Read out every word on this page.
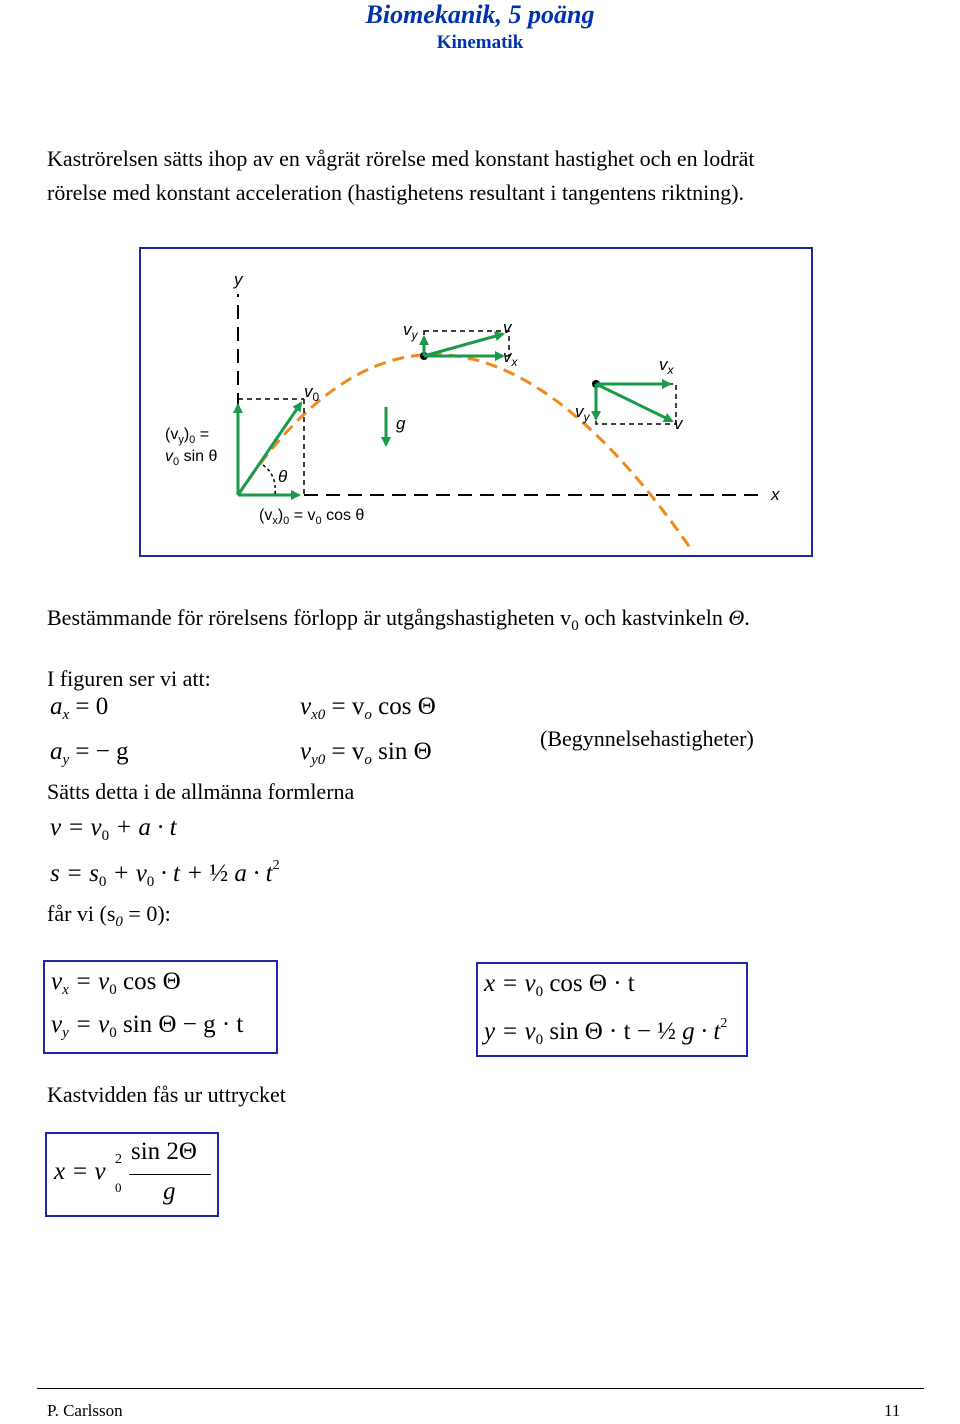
Biomekanik, 5 poäng
Kinematik
Kaströrelsen sätts ihop av en vågrät rörelse med konstant hastighet och en lodrät
rörelse med konstant acceleration (hastighetens resultant i tangentens riktning).
y
x
$v_0$
g
θ
$v_y$	v
$v_x$	$v_x$
$v_y$	v
$(v_y)_0$ =
$v_0$ sin θ
$(v_x)_0 = v_0$ cos θ
Bestämmande för rörelsens förlopp är utgångshastigheten $v_0$ och kastvinkeln Θ.
I figuren ser vi att:
$a_x = 0$
$a_y$ = − g
$v_{x0} = v_o$ cos Θ
$v_{y0} = v_o$ sin Θ	(Begynnelsehastigheter)
Sätts detta i de allmänna formlerna
$v = v_0 + a \cdot t$
$s = s_0 + v_0 \cdot t$ + ½ $a \cdot t^2$
får vi $(s_0 = 0)$:
$v_x = v_0$ cos Θ
$v_y = v_0$ sin Θ − g · t
$x = v_0$ cos Θ · t
$y = v_0$ sin Θ · t − ½ $g \cdot t^2$
Kastvidden fås ur uttrycket
x = v 2
0
sin 2Θ
g
P. Carlsson	11
